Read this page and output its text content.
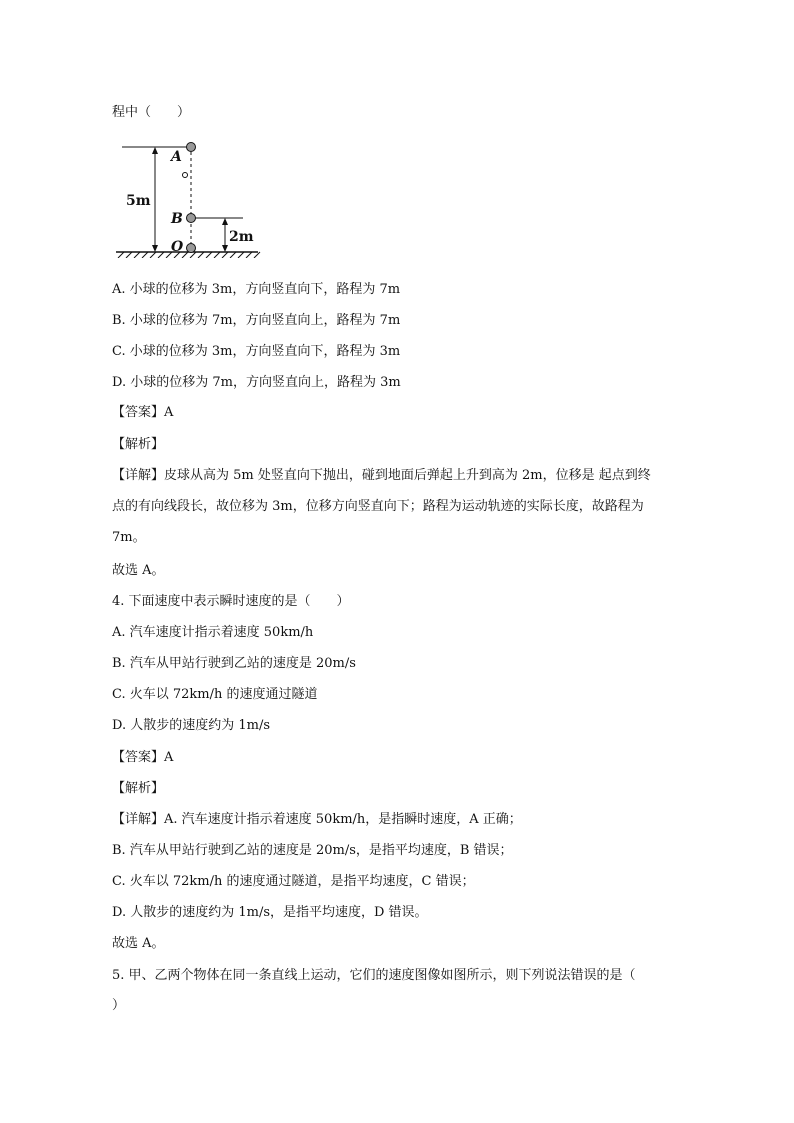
程中（　　）
A
B
O
5m
2m
A. 小球的位移为 3m，方向竖直向下，路程为 7m
B. 小球的位移为 7m，方向竖直向上，路程为 7m
C. 小球的位移为 3m，方向竖直向下，路程为 3m
D. 小球的位移为 7m，方向竖直向上，路程为 3m
【答案】A
【解析】
【详解】皮球从高为 5m 处竖直向下抛出，碰到地面后弹起上升到高为 2m，位移是 起点到终
点的有向线段长，故位移为 3m，位移方向竖直向下；路程为运动轨迹的实际长度，故路程为
7m。
故选 A。
4. 下面速度中表示瞬时速度的是（　　）
A. 汽车速度计指示着速度 50km/h
B. 汽车从甲站行驶到乙站的速度是 20m/s
C. 火车以 72km/h 的速度通过隧道
D. 人散步的速度约为 1m/s
【答案】A
【解析】
【详解】A. 汽车速度计指示着速度 50km/h，是指瞬时速度，A 正确；
B. 汽车从甲站行驶到乙站的速度是 20m/s，是指平均速度，B 错误；
C. 火车以 72km/h 的速度通过隧道，是指平均速度，C 错误；
D. 人散步的速度约为 1m/s，是指平均速度，D 错误。
故选 A。
5. 甲、乙两个物体在同一条直线上运动，它们的速度图像如图所示，则下列说法错误的是（
）
